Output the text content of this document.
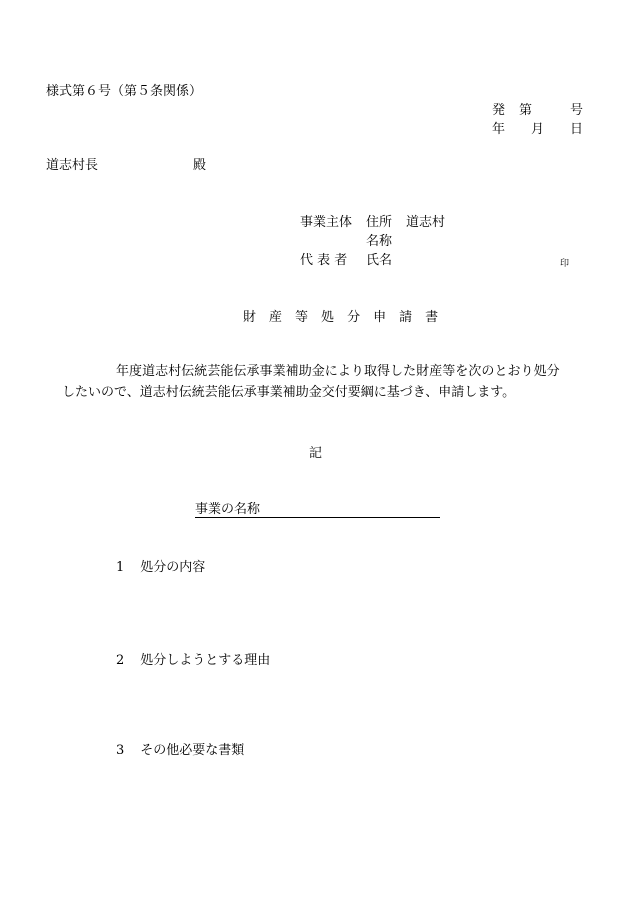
様式第６号（第５条関係）
発 第	号
年 月 日
道志村長	殿
事業主体 住所 道志村
名称
代 表 者 氏名	印
財 産 等 処 分 申 請 書
年度道志村伝統芸能伝承事業補助金により取得した財産等を次のとおり処分
したいので、道志村伝統芸能伝承事業補助金交付要綱に基づき、申請します。
記
事業の名称
1 処分の内容
2 処分しようとする理由
3 その他必要な書類
